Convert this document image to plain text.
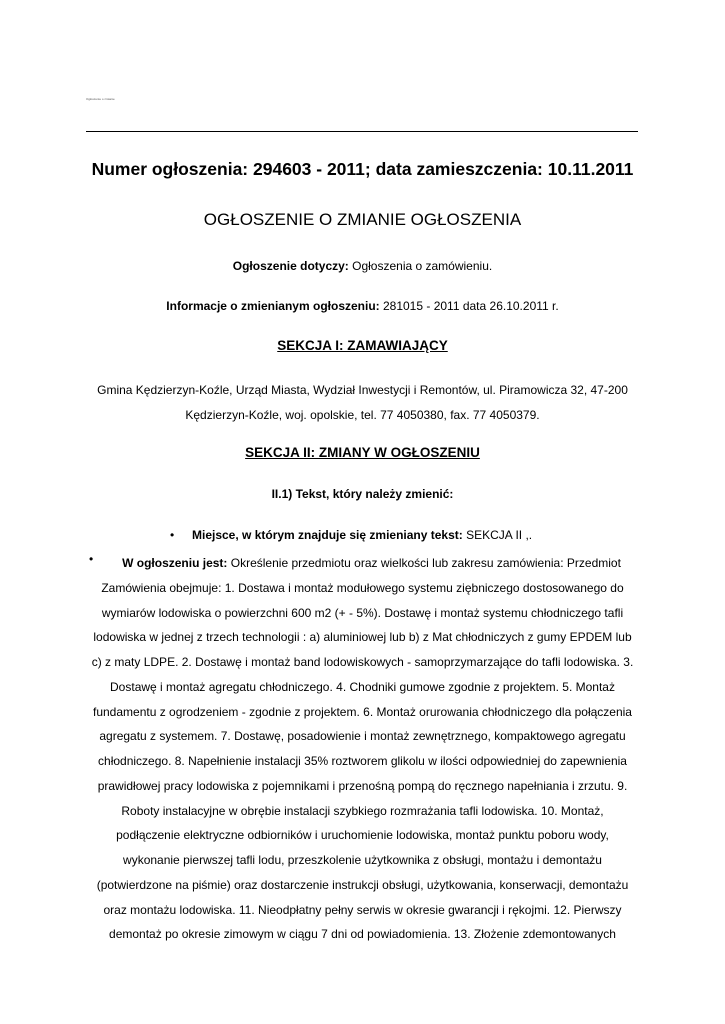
Ogłoszenie o zmianie
Numer ogłoszenia: 294603 - 2011; data zamieszczenia: 10.11.2011
OGŁOSZENIE O ZMIANIE OGŁOSZENIA
Ogłoszenie dotyczy: Ogłoszenia o zamówieniu.
Informacje o zmienianym ogłoszeniu: 281015 - 2011 data 26.10.2011 r.
SEKCJA I: ZAMAWIAJĄCY
Gmina Kędzierzyn-Koźle, Urząd Miasta, Wydział Inwestycji i Remontów, ul. Piramowicza 32, 47-200
Kędzierzyn-Koźle, woj. opolskie, tel. 77 4050380, fax. 77 4050379.
SEKCJA II: ZMIANY W OGŁOSZENIU
II.1) Tekst, który należy zmienić:
•	Miejsce, w którym znajduje się zmieniany tekst: SEKCJA II ,.
•	W ogłoszeniu jest: Określenie przedmiotu oraz wielkości lub zakresu zamówienia: Przedmiot Zamówienia obejmuje: 1. Dostawa i montaż modułowego systemu ziębniczego dostosowanego do wymiarów lodowiska o powierzchni 600 m2 (+ - 5%). Dostawę i montaż systemu chłodniczego tafli lodowiska w jednej z trzech technologii : a) aluminiowej lub b) z Mat chłodniczych z gumy EPDEM lub c) z maty LDPE. 2. Dostawę i montaż band lodowiskowych - samoprzymarzające do tafli lodowiska. 3. Dostawę i montaż agregatu chłodniczego. 4. Chodniki gumowe zgodnie z projektem. 5. Montaż fundamentu z ogrodzeniem - zgodnie z projektem. 6. Montaż orurowania chłodniczego dla połączenia agregatu z systemem. 7. Dostawę, posadowienie i montaż zewnętrznego, kompaktowego agregatu chłodniczego. 8. Napełnienie instalacji 35% roztworem glikolu w ilości odpowiedniej do zapewnienia prawidłowej pracy lodowiska z pojemnikami i przenośną pompą do ręcznego napełniania i zrzutu. 9. Roboty instalacyjne w obrębie instalacji szybkiego rozmrażania tafli lodowiska. 10. Montaż, podłączenie elektryczne odbiorników i uruchomienie lodowiska, montaż punktu poboru wody, wykonanie pierwszej tafli lodu, przeszkolenie użytkownika z obsługi, montażu i demontażu (potwierdzone na piśmie) oraz dostarczenie instrukcji obsługi, użytkowania, konserwacji, demontażu oraz montażu lodowiska. 11. Nieodpłatny pełny serwis w okresie gwarancji i rękojmi. 12. Pierwszy demontaż po okresie zimowym w ciągu 7 dni od powiadomienia. 13. Złożenie zdemontowanych
